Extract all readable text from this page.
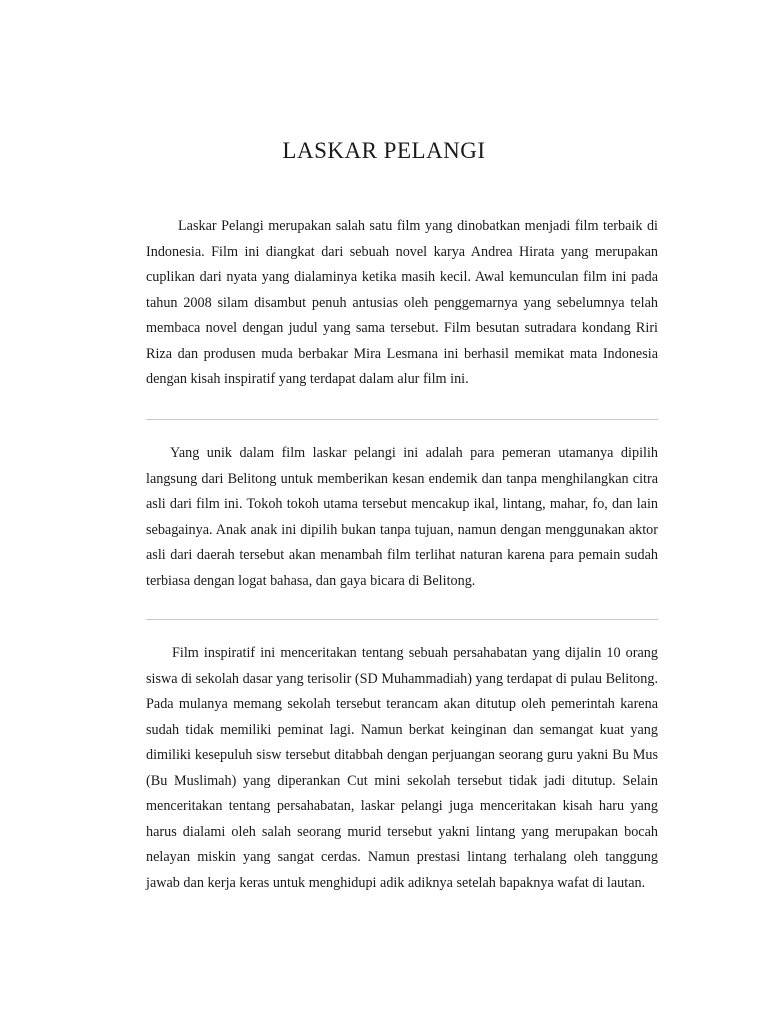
LASKAR PELANGI

Laskar Pelangi merupakan salah satu film yang dinobatkan menjadi film terbaik di Indonesia. Film ini diangkat dari sebuah novel karya Andrea Hirata yang merupakan cuplikan dari nyata yang dialaminya ketika masih kecil. Awal kemunculan film ini pada tahun 2008 silam disambut penuh antusias oleh penggemarnya yang sebelumnya telah membaca novel dengan judul yang sama tersebut. Film besutan sutradara kondang Riri Riza dan produsen muda berbakar Mira Lesmana ini berhasil memikat mata Indonesia dengan kisah inspiratif yang terdapat dalam alur film ini.

Yang unik dalam film laskar pelangi ini adalah para pemeran utamanya dipilih langsung dari Belitong untuk memberikan kesan endemik dan tanpa menghilangkan citra asli dari film ini. Tokoh tokoh utama tersebut mencakup ikal, lintang, mahar, fo, dan lain sebagainya. Anak anak ini dipilih bukan tanpa tujuan, namun dengan menggunakan aktor asli dari daerah tersebut akan menambah film terlihat naturan karena para pemain sudah terbiasa dengan logat bahasa, dan gaya bicara di Belitong.

Film inspiratif ini menceritakan tentang sebuah persahabatan yang dijalin 10 orang siswa di sekolah dasar yang terisolir (SD Muhammadiah) yang terdapat di pulau Belitong. Pada mulanya memang sekolah tersebut terancam akan ditutup oleh pemerintah karena sudah tidak memiliki peminat lagi. Namun berkat keinginan dan semangat kuat yang dimiliki kesepuluh sisw tersebut ditabbah dengan perjuangan seorang guru yakni Bu Mus (Bu Muslimah) yang diperankan Cut mini sekolah tersebut tidak jadi ditutup. Selain menceritakan tentang persahabatan, laskar pelangi juga menceritakan kisah haru yang harus dialami oleh salah seorang murid tersebut yakni lintang yang merupakan bocah nelayan miskin yang sangat cerdas. Namun prestasi lintang terhalang oleh tanggung jawab dan kerja keras untuk menghidupi adik adiknya setelah bapaknya wafat di lautan.
